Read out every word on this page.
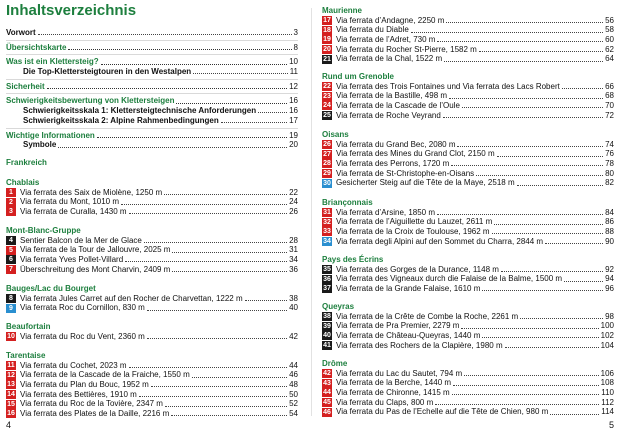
Inhaltsverzeichnis
Vorwort	3
Übersichtskarte	8
Was ist ein Klettersteig?	10
Die Top-Klettersteigtouren in den Westalpen	11
Sicherheit	12
Schwierigkeitsbewertung von Klettersteigen	16
Schwierigkeitsskala 1: Klettersteigtechnische Anforderungen	16
Schwierigkeitsskala 2: Alpine Rahmenbedingungen	17
Wichtige Informationen	19
Symbole	20
Frankreich
Chablais
1 Via ferrata des Saix de Miolène, 1250 m	22
2 Via ferrata du Mont, 1010 m	24
3 Via ferrata de Curalla, 1430 m	26
Mont-Blanc-Gruppe
4 Sentier Balcon de la Mer de Glace	28
5 Via ferrata de la Tour de Jallouvre, 2025 m	31
6 Via ferrata Yves Pollet-Villard	34
7 Überschreitung des Mont Charvin, 2409 m	36
Bauges/Lac du Bourget
8 Via ferrata Jules Carret auf den Rocher de Charvettan, 1222 m	38
9 Via ferrata Roc du Cornillon, 830 m	40
Beaufortain
10 Via ferrata du Roc du Vent, 2360 m	42
Tarentaise
11 Via ferrata du Cochet, 2023 m	44
12 Via ferrata de la Cascade de la Fraiche, 1550 m	46
13 Via ferrata du Plan du Bouc, 1952 m	48
14 Via ferrata des Bettières, 1910 m	50
15 Via ferrata du Roc de la Tovière, 2347 m	52
16 Via ferrata des Plates de la Daille, 2216 m	54
4
Maurienne
17 Via ferrata d’Andagne, 2250 m	56
18 Via ferrata du Diable	58
19 Via ferrata de l’Adret, 730 m	60
20 Via ferrata du Rocher St-Pierre, 1582 m	62
21 Via ferrata de la Chal, 1522 m	64
Rund um Grenoble
22 Via ferrata des Trois Fontaines und Via ferrata des Lacs Robert	66
23 Via ferrata de la Bastille, 498 m	68
24 Via ferrata de la Cascade de l’Oule	70
25 Via ferrata de Roche Veyrand	72
Oisans
26 Via ferrata du Grand Bec, 2080 m	74
27 Via ferrata des Mines du Grand Clot, 2150 m	76
28 Via ferrata des Perrons, 1720 m	78
29 Via ferrata de St-Christophe-en-Oisans	80
30 Gesicherter Steig auf die Tête de la Maye, 2518 m	82
Briançonnais
31 Via ferrata d’Arsine, 1850 m	84
32 Via ferrata de l’Aiguillette du Lauzet, 2611 m	86
33 Via ferrata de la Croix de Toulouse, 1962 m	88
34 Via ferrata degli Alpini auf den Sommet du Charra, 2844 m	90
Pays des Écrins
35 Via ferrata des Gorges de la Durance, 1148 m	92
36 Via ferrata des Vigneaux durch die Falaise de la Balme, 1500 m	94
37 Via ferrata de la Grande Falaise, 1610 m	96
Queyras
38 Via ferrata de la Crête de Combe la Roche, 2261 m	98
39 Via ferrata de Pra Premier, 2279 m	100
40 Via ferrata de Château-Queyras, 1440 m	102
41 Via ferrata des Rochers de la Clapière, 1980 m	104
Drôme
42 Via ferrata du Lac du Sautet, 794 m	106
43 Via ferrata de la Berche, 1440 m	108
44 Via ferrata de Chironne, 1415 m	110
45 Via ferrata du Claps, 800 m	112
46 Via ferrata du Pas de l’Echelle auf die Tête de Chien, 980 m	114
5
